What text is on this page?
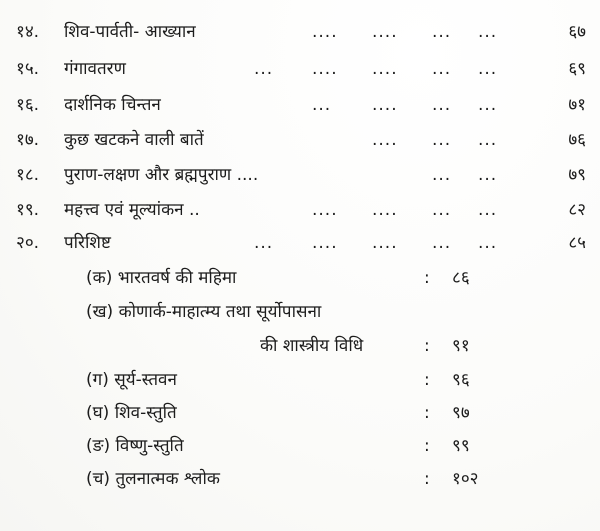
१४. शिव-पार्वती- आख्यान	.... .... ... ...	६७
१५. गंगावतरण	... .... .... ... ...	६९
१६. दार्शनिक चिन्तन	... .... ... ...	७१
१७. कुछ खटकने वाली बातें	.... ... ...	७६
१८. पुराण-लक्षण और ब्रह्मपुराण ....	... ...	७९
१९. महत्त्व एवं मूल्यांकन ..	.... .... ... ...	८२
२०. परिशिष्ट	... .... .... ... ...	८५
(क) भारतवर्ष की महिमा	: ८६
(ख) कोणार्क-माहात्म्य तथा सूर्योपासना
की शास्त्रीय विधि	: ९१
(ग) सूर्य-स्तवन	: ९६
(घ) शिव-स्तुति	: ९७
(ङ) विष्णु-स्तुति	: ९९
(च) तुलनात्मक श्लोक	: १०२
